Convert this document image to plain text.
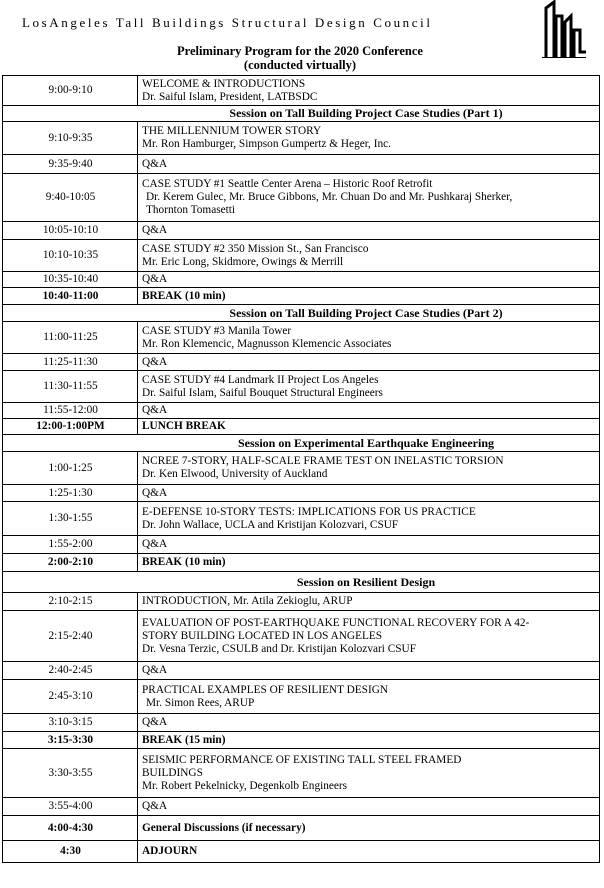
LosAngeles Tall Buildings Structural Design Council
Preliminary Program for the 2020 Conference
(conducted virtually)
9:00-9:10	WELCOME & INTRODUCTIONS
Dr. Saiful Islam, President, LATBSDC

Session on Tall Building Project Case Studies (Part 1)	
9:10-9:35	THE MILLENNIUM TOWER STORY
Mr. Ron Hamburger, Simpson Gumpertz & Heger, Inc.

9:35-9:40	Q&A

9:40-10:05	CASE STUDY #1 Seattle Center Arena – Historic Roof Retrofit
Dr. Kerem Gulec, Mr. Bruce Gibbons, Mr. Chuan Do and Mr. Pushkaraj Sherker,
Thornton Tomasetti

10:05-10:10	Q&A

10:10-10:35	CASE STUDY #2 350 Mission St., San Francisco
Mr. Eric Long, Skidmore, Owings & Merrill

10:35-10:40	Q&A

10:40-11:00	BREAK (10 min)

Session on Tall Building Project Case Studies (Part 2)	
11:00-11:25	CASE STUDY #3 Manila Tower
Mr. Ron Klemencic, Magnusson Klemencic Associates

11:25-11:30	Q&A

11:30-11:55	CASE STUDY #4 Landmark II Project Los Angeles
Dr. Saiful Islam, Saiful Bouquet Structural Engineers

11:55-12:00	Q&A

12:00-1:00PM	LUNCH BREAK

Session on Experimental Earthquake Engineering	
1:00-1:25	NCREE 7-STORY, HALF-SCALE FRAME TEST ON INELASTIC TORSION
Dr. Ken Elwood, University of Auckland

1:25-1:30	Q&A

1:30-1:55	E-DEFENSE 10-STORY TESTS: IMPLICATIONS FOR US PRACTICE
Dr. John Wallace, UCLA and Kristijan Kolozvari, CSUF

1:55-2:00	Q&A

2:00-2:10	BREAK (10 min)

Session on Resilient Design	
2:10-2:15	INTRODUCTION, Mr. Atila Zekioglu, ARUP

2:15-2:40	EVALUATION OF POST-EARTHQUAKE FUNCTIONAL RECOVERY FOR A 42-
STORY BUILDING LOCATED IN LOS ANGELES
Dr. Vesna Terzic, CSULB and Dr. Kristijan Kolozvari CSUF

2:40-2:45	Q&A

2:45-3:10	PRACTICAL EXAMPLES OF RESILIENT DESIGN
Mr. Simon Rees, ARUP

3:10-3:15	Q&A

3:15-3:30	BREAK (15 min)

3:30-3:55	SEISMIC PERFORMANCE OF EXISTING TALL STEEL FRAMED
BUILDINGS
Mr. Robert Pekelnicky, Degenkolb Engineers

3:55-4:00	Q&A

4:00-4:30	General Discussions (if necessary)

4:30	ADJOURN
